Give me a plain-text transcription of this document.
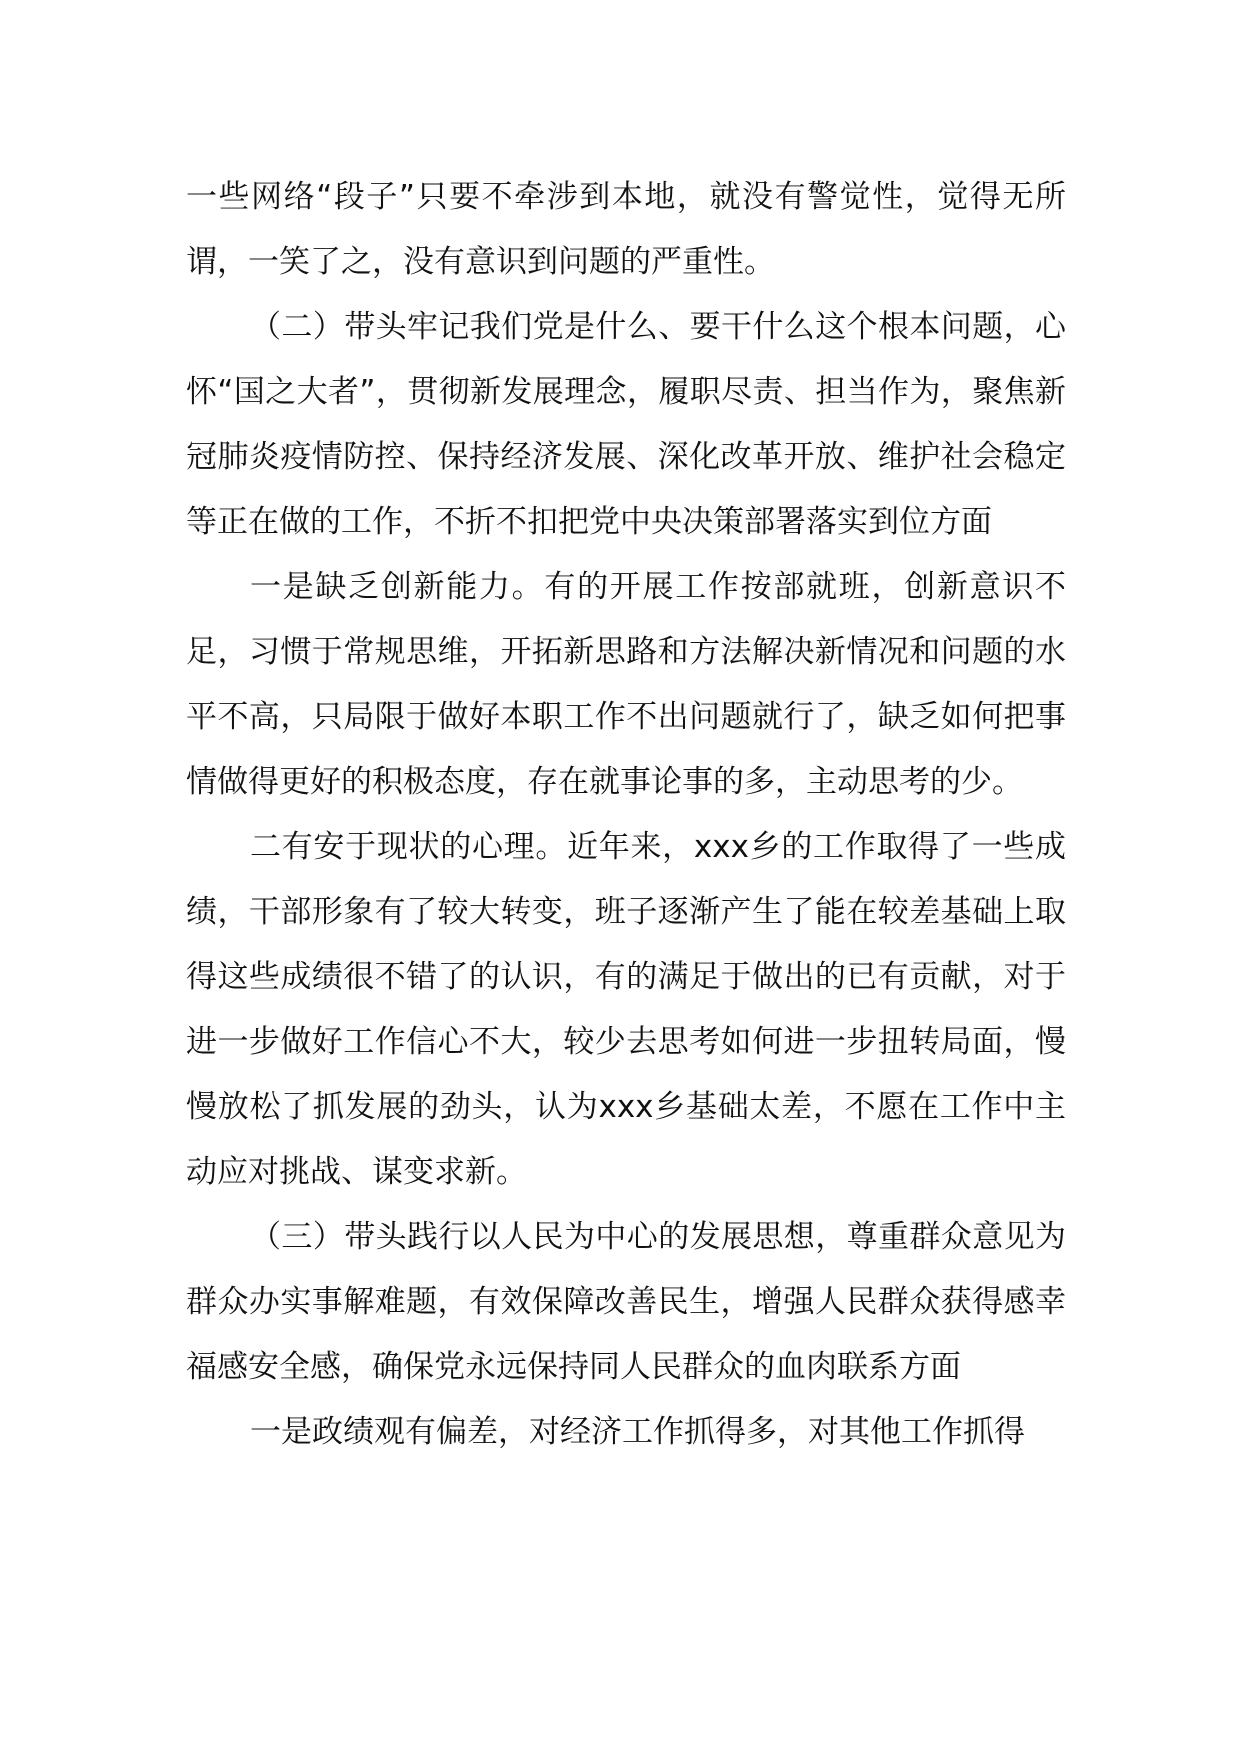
一些网络“段子”只要不牵涉到本地，就没有警觉性，觉得无所谓，一笑了之，没有意识到问题的严重性。

（二）带头牢记我们党是什么、要干什么这个根本问题，心怀“国之大者”，贯彻新发展理念，履职尽责、担当作为，聚焦新冠肺炎疫情防控、保持经济发展、深化改革开放、维护社会稳定等正在做的工作，不折不扣把党中央决策部署落实到位方面

一是缺乏创新能力。有的开展工作按部就班，创新意识不足，习惯于常规思维，开拓新思路和方法解决新情况和问题的水平不高，只局限于做好本职工作不出问题就行了，缺乏如何把事情做得更好的积极态度，存在就事论事的多，主动思考的少。

二有安于现状的心理。近年来，xxx乡的工作取得了一些成绩，干部形象有了较大转变，班子逐渐产生了能在较差基础上取得这些成绩很不错了的认识，有的满足于做出的已有贡献，对于进一步做好工作信心不大，较少去思考如何进一步扭转局面，慢慢放松了抓发展的劲头，认为xxx乡基础太差，不愿在工作中主动应对挑战、谋变求新。

（三）带头践行以人民为中心的发展思想，尊重群众意见为群众办实事解难题，有效保障改善民生，增强人民群众获得感幸福感安全感，确保党永远保持同人民群众的血肉联系方面

一是政绩观有偏差，对经济工作抓得多，对其他工作抓得
